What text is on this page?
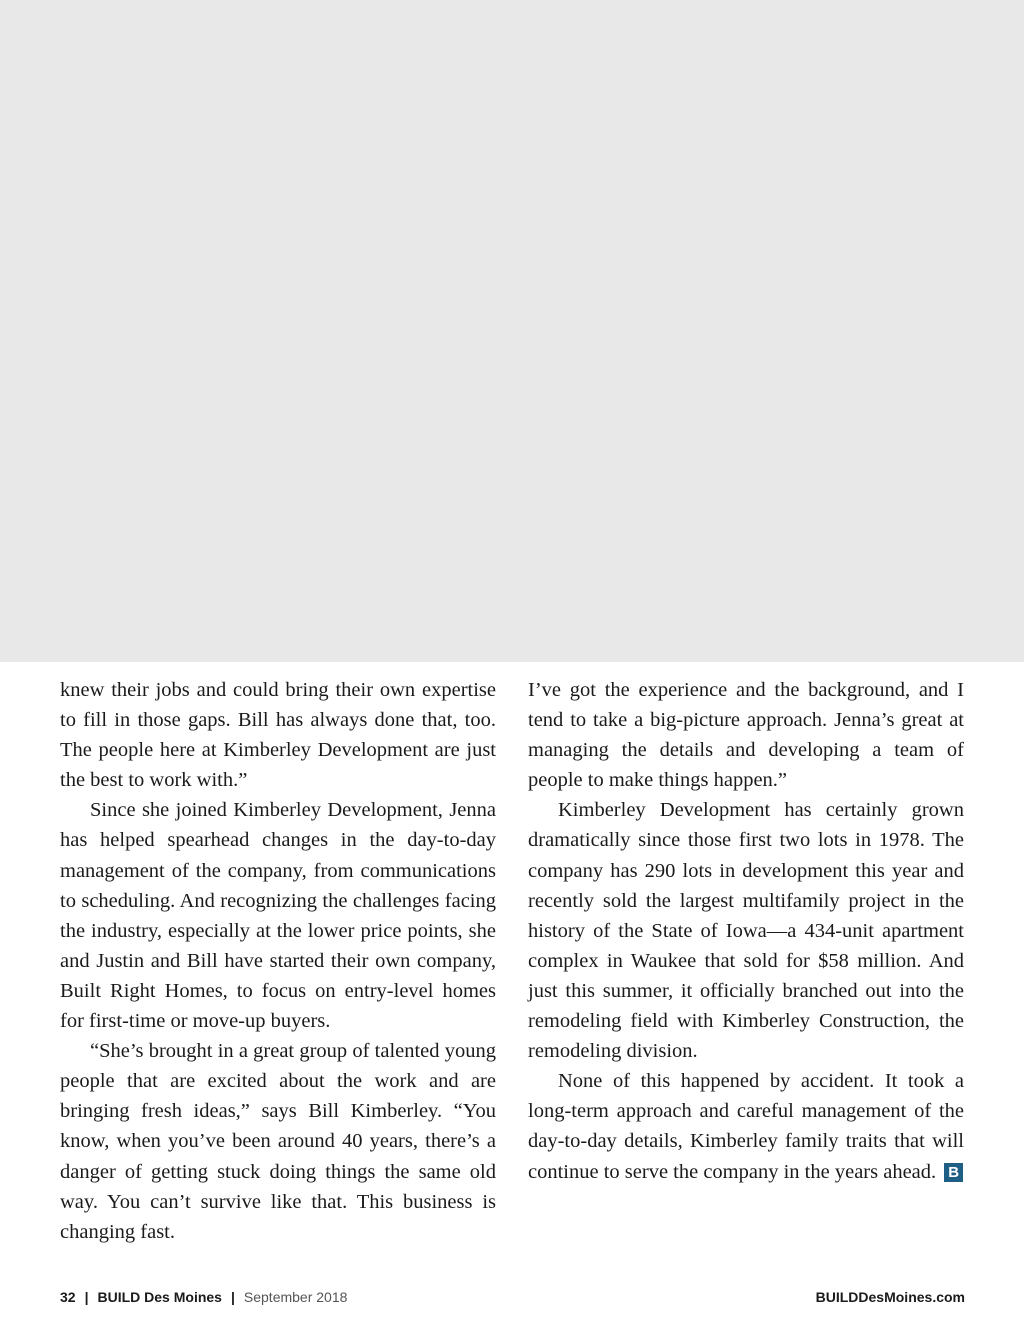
knew their jobs and could bring their own expertise to fill in those gaps. Bill has always done that, too. The people here at Kimberley Development are just the best to work with.”

Since she joined Kimberley Development, Jenna has helped spearhead changes in the day-to-day management of the company, from communications to scheduling. And recognizing the challenges facing the industry, especially at the lower price points, she and Justin and Bill have started their own company, Built Right Homes, to focus on entry-level homes for first-time or move-up buyers.

“She’s brought in a great group of talented young people that are excited about the work and are bringing fresh ideas,” says Bill Kimberley. “You know, when you’ve been around 40 years, there’s a danger of getting stuck doing things the same old way. You can’t survive like that. This business is changing fast.

I’ve got the experience and the background, and I tend to take a big-picture approach. Jenna’s great at managing the details and developing a team of people to make things happen.”

Kimberley Development has certainly grown dramatically since those first two lots in 1978. The company has 290 lots in development this year and recently sold the largest multifamily project in the history of the State of Iowa—a 434-unit apartment complex in Waukee that sold for $58 million. And just this summer, it officially branched out into the remodeling field with Kimberley Construction, the remodeling division.

None of this happened by accident. It took a long-term approach and careful management of the day-to-day details, Kimberley family traits that will continue to serve the company in the years ahead. B

32 | BUILD Des Moines | September 2018	BUILDDesMoines.com
